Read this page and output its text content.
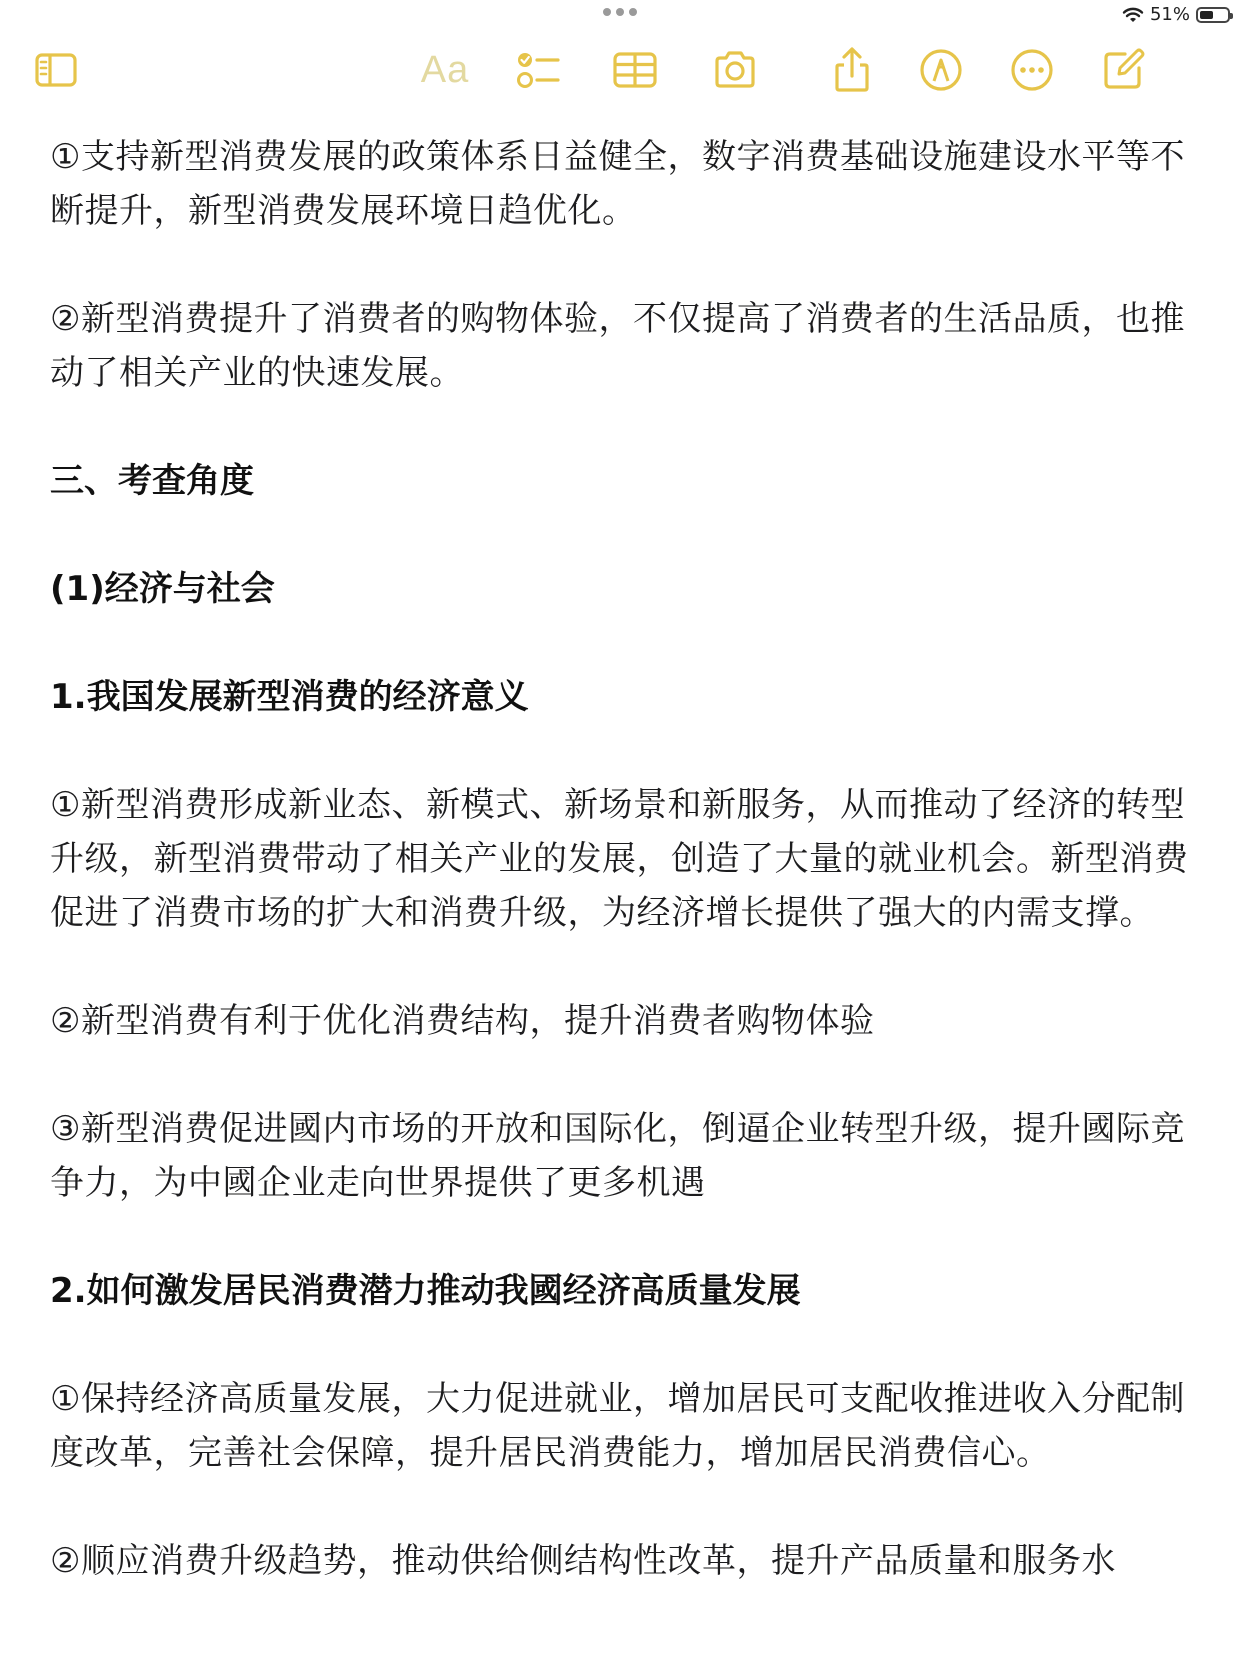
51%
Aa

①支持新型消费发展的政策体系日益健全，数字消费基础设施建设水平等不断提升，新型消费发展环境日趋优化。

②新型消费提升了消费者的购物体验，不仅提高了消费者的生活品质，也推动了相关产业的快速发展。

三、考查角度

(1)经济与社会

1.我国发展新型消费的经济意义

①新型消费形成新业态、新模式、新场景和新服务，从而推动了经济的转型升级，新型消费带动了相关产业的发展，创造了大量的就业机会。新型消费促进了消费市场的扩大和消费升级，为经济增长提供了强大的内需支撑。

②新型消费有利于优化消费结构，提升消费者购物体验

③新型消费促进國内市场的开放和国际化，倒逼企业转型升级，提升國际竞争力，为中國企业走向世界提供了更多机遇

2.如何激发居民消费潜力推动我國经济高质量发展

①保持经济高质量发展，大力促进就业，增加居民可支配收推进收入分配制度改革，完善社会保障，提升居民消费能力，增加居民消费信心。

②顺应消费升级趋势，推动供给侧结构性改革，提升产品质量和服务水
